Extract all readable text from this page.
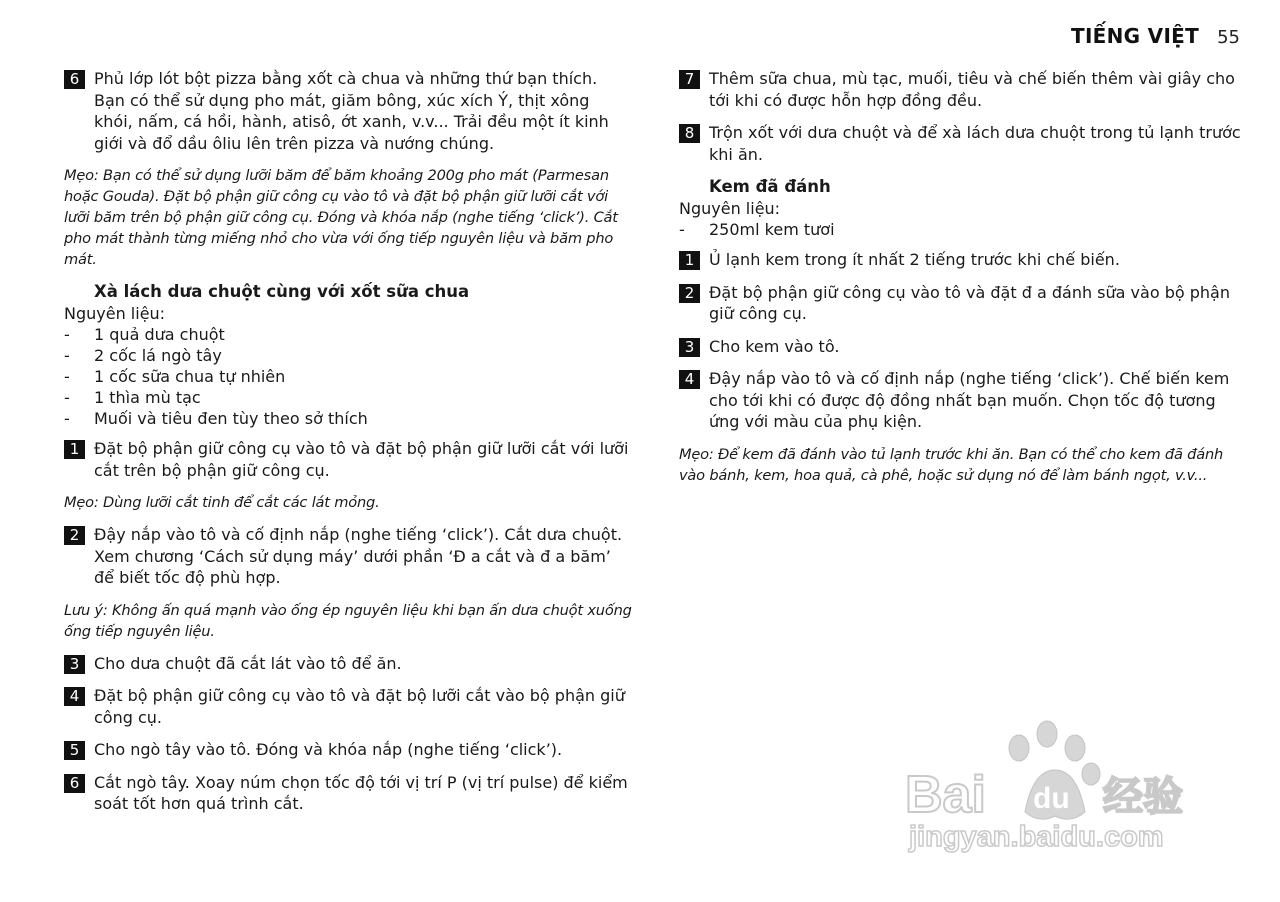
TIẾNG VIỆT 55
6 Phủ lớp lót bột pizza bằng xốt cà chua và những thứ bạn thích. Bạn có thể sử dụng pho mát, giăm bông, xúc xích Ý, thịt xông khói, nấm, cá hồi, hành, atisô, ớt xanh, v.v... Trải đều một ít kinh giới và đổ dầu ôliu lên trên pizza và nướng chúng.

Mẹo: Bạn có thể sử dụng lưỡi băm để băm khoảng 200g pho mát (Parmesan hoặc Gouda). Đặt bộ phận giữ công cụ vào tô và đặt bộ phận giữ lưỡi cắt với lưỡi băm trên bộ phận giữ công cụ. Đóng và khóa nắp (nghe tiếng ‘click’). Cắt pho mát thành từng miếng nhỏ cho vừa với ống tiếp nguyên liệu và băm pho mát.

Xà lách dưa chuột cùng với xốt sữa chua
Nguyên liệu:
-	1 quả dưa chuột
-	2 cốc lá ngò tây
-	1 cốc sữa chua tự nhiên
-	1 thìa mù tạc
-	Muối và tiêu đen tùy theo sở thích
1 Đặt bộ phận giữ công cụ vào tô và đặt bộ phận giữ lưỡi cắt với lưỡi cắt trên bộ phận giữ công cụ.

Mẹo: Dùng lưỡi cắt tinh để cắt các lát mỏng.

2 Đậy nắp vào tô và cố định nắp (nghe tiếng ‘click’). Cắt dưa chuột. Xem chương ‘Cách sử dụng máy’ dưới phần ‘Đ a cắt và đ a băm’ để biết tốc độ phù hợp.

Lưu ý: Không ấn quá mạnh vào ống ép nguyên liệu khi bạn ấn dưa chuột xuống ống tiếp nguyên liệu.

3 Cho dưa chuột đã cắt lát vào tô để ăn.
4 Đặt bộ phận giữ công cụ vào tô và đặt bộ lưỡi cắt vào bộ phận giữ công cụ.
5 Cho ngò tây vào tô. Đóng và khóa nắp (nghe tiếng ‘click’).
6 Cắt ngò tây. Xoay núm chọn tốc độ tới vị trí P (vị trí pulse) để kiểm soát tốt hơn quá trình cắt.
7 Thêm sữa chua, mù tạc, muối, tiêu và chế biến thêm vài giây cho tới khi có được hỗn hợp đồng đều.
8 Trộn xốt với dưa chuột và để xà lách dưa chuột trong tủ lạnh trước khi ăn.
Kem đã đánh
Nguyên liệu:
-	250ml kem tươi
1 Ủ lạnh kem trong ít nhất 2 tiếng trước khi chế biến.
2 Đặt bộ phận giữ công cụ vào tô và đặt đ a đánh sữa vào bộ phận giữ công cụ.
3 Cho kem vào tô.
4 Đậy nắp vào tô và cố định nắp (nghe tiếng ‘click’). Chế biến kem cho tới khi có được độ đồng nhất bạn muốn. Chọn tốc độ tương ứng với màu của phụ kiện.

Mẹo: Để kem đã đánh vào tủ lạnh trước khi ăn. Bạn có thể cho kem đã đánh vào bánh, kem, hoa quả, cà phê, hoặc sử dụng nó để làm bánh ngọt, v.v...

Bai du 经验
jingyan.baidu.com
